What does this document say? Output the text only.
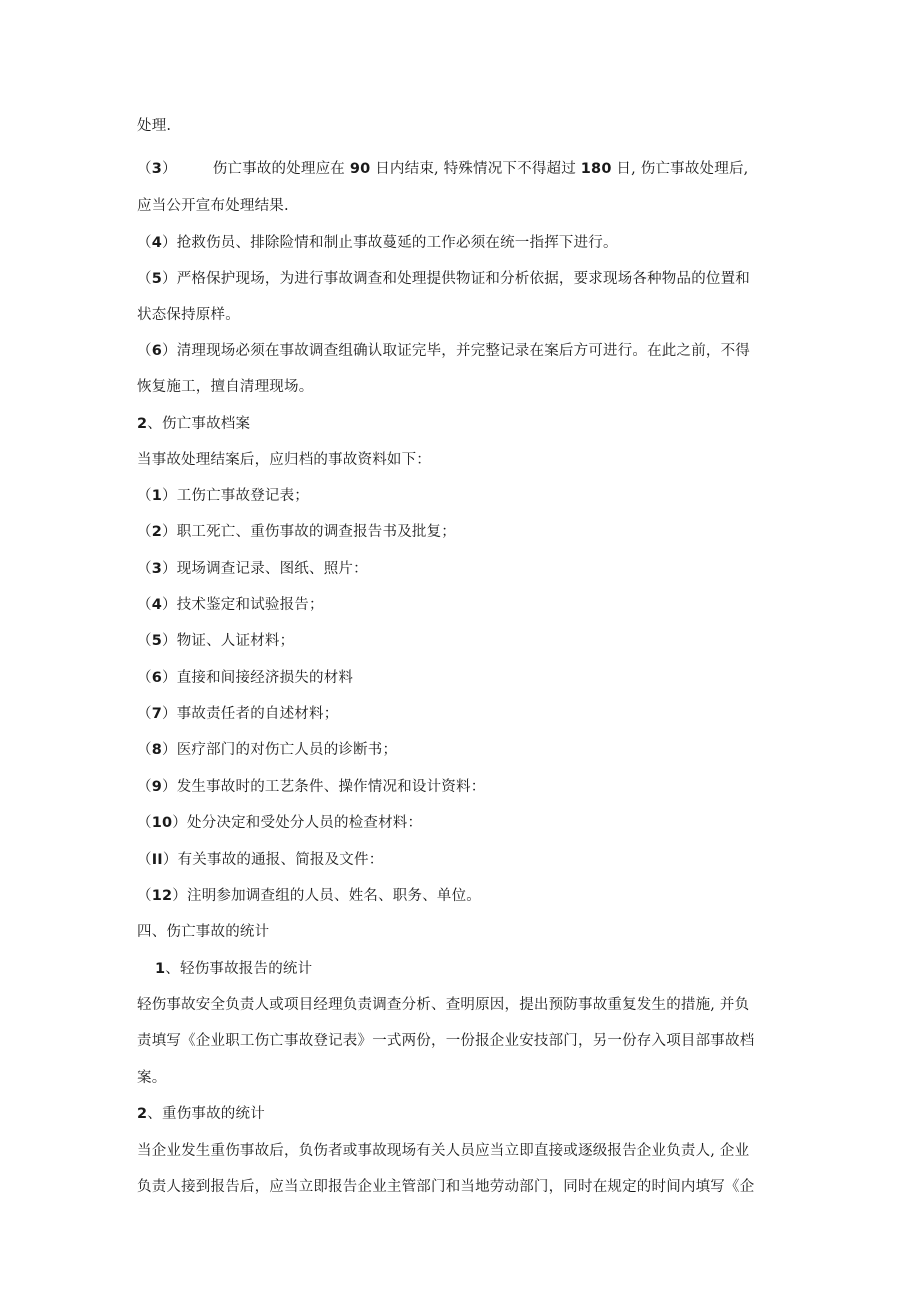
处理.
（3） 伤亡事故的处理应在 90 日内结束, 特殊情况下不得超过 180 日, 伤亡事故处理后,
应当公开宣布处理结果.
（4）抢救伤员、排除险情和制止事故蔓延的工作必须在统一指挥下进行。
（5）严格保护现场，为进行事故调查和处理提供物证和分析依据，要求现场各种物品的位置和
状态保持原样。
（6）清理现场必须在事故调查组确认取证完毕，并完整记录在案后方可进行。在此之前，不得
恢复施工，擅自清理现场。
2、伤亡事故档案
当事故处理结案后，应归档的事故资料如下：
（1）工伤亡事故登记表；
（2）职工死亡、重伤事故的调查报告书及批复；
（3）现场调查记录、图纸、照片：
（4）技术鉴定和试验报告；
（5）物证、人证材料；
（6）直接和间接经济损失的材料
（7）事故责任者的自述材料；
（8）医疗部门的对伤亡人员的诊断书；
（9）发生事故时的工艺条件、操作情况和设计资料：
（10）处分决定和受处分人员的检查材料：
（II）有关事故的通报、简报及文件：
（12）注明参加调查组的人员、姓名、职务、单位。
四、伤亡事故的统计
1、轻伤事故报告的统计
轻伤事故安全负责人或项目经理负责调查分析、查明原因，提出预防事故重复发生的措施, 并负
责填写《企业职工伤亡事故登记表》一式两份，一份报企业安技部门，另一份存入项目部事故档
案。
2、重伤事故的统计
当企业发生重伤事故后，负伤者或事故现场有关人员应当立即直接或逐级报告企业负责人, 企业
负责人接到报告后，应当立即报告企业主管部门和当地劳动部门，同时在规定的时间内填写《企
